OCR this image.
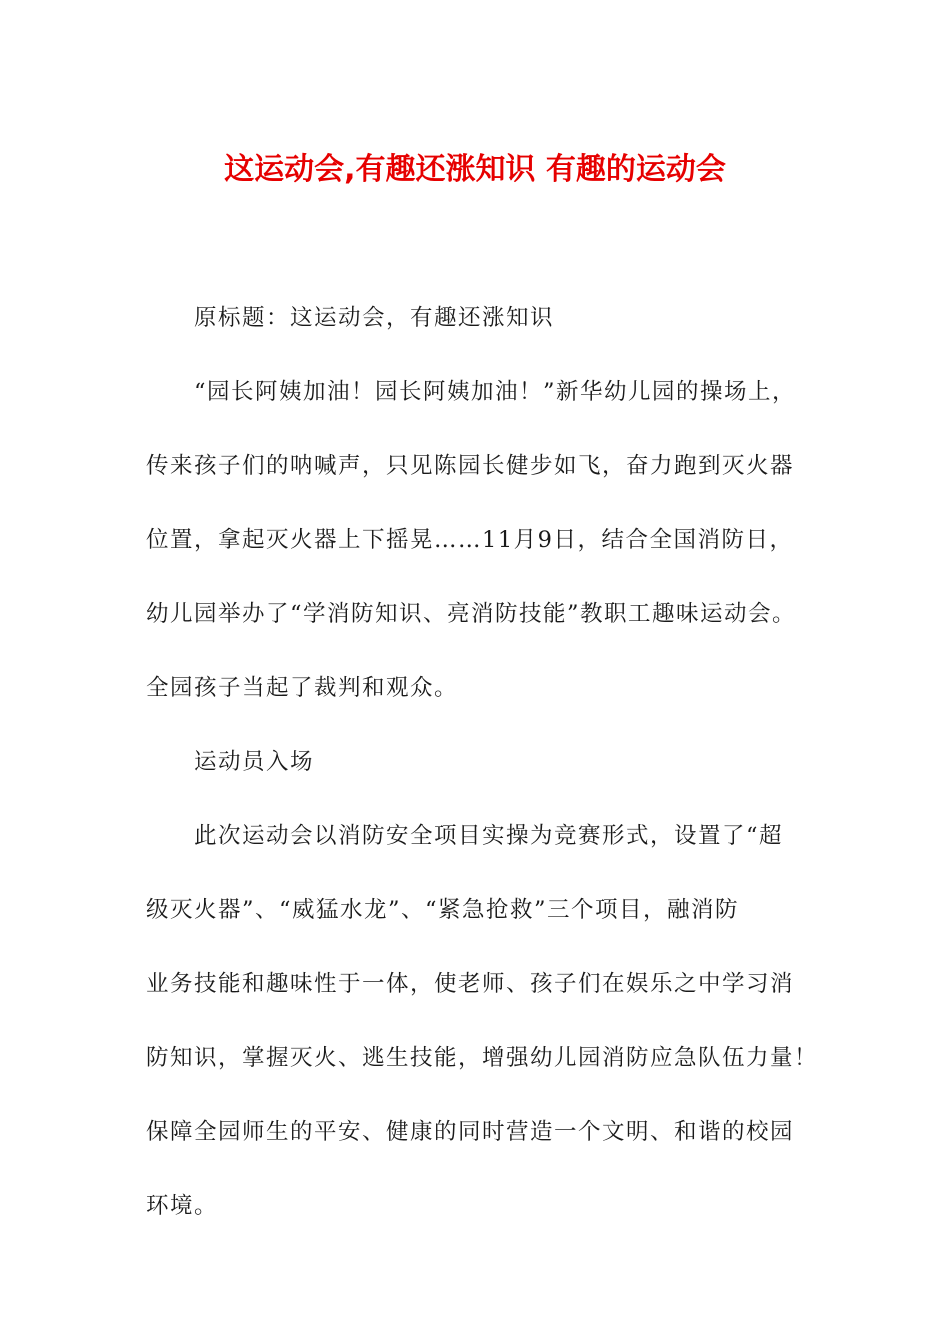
这运动会,有趣还涨知识 有趣的运动会
原标题：这运动会，有趣还涨知识
“园长阿姨加油！园长阿姨加油！”新华幼儿园的操场上，
传来孩子们的呐喊声，只见陈园长健步如飞，奋力跑到灭火器
位置，拿起灭火器上下摇晃……11月9日，结合全国消防日，
幼儿园举办了“学消防知识、亮消防技能”教职工趣味运动会。
全园孩子当起了裁判和观众。
运动员入场
此次运动会以消防安全项目实操为竞赛形式，设置了“超
级灭火器”、“威猛水龙”、“紧急抢救”三个项目，融消防
业务技能和趣味性于一体，使老师、孩子们在娱乐之中学习消
防知识，掌握灭火、逃生技能，增强幼儿园消防应急队伍力量！
保障全园师生的平安、健康的同时营造一个文明、和谐的校园
环境。
